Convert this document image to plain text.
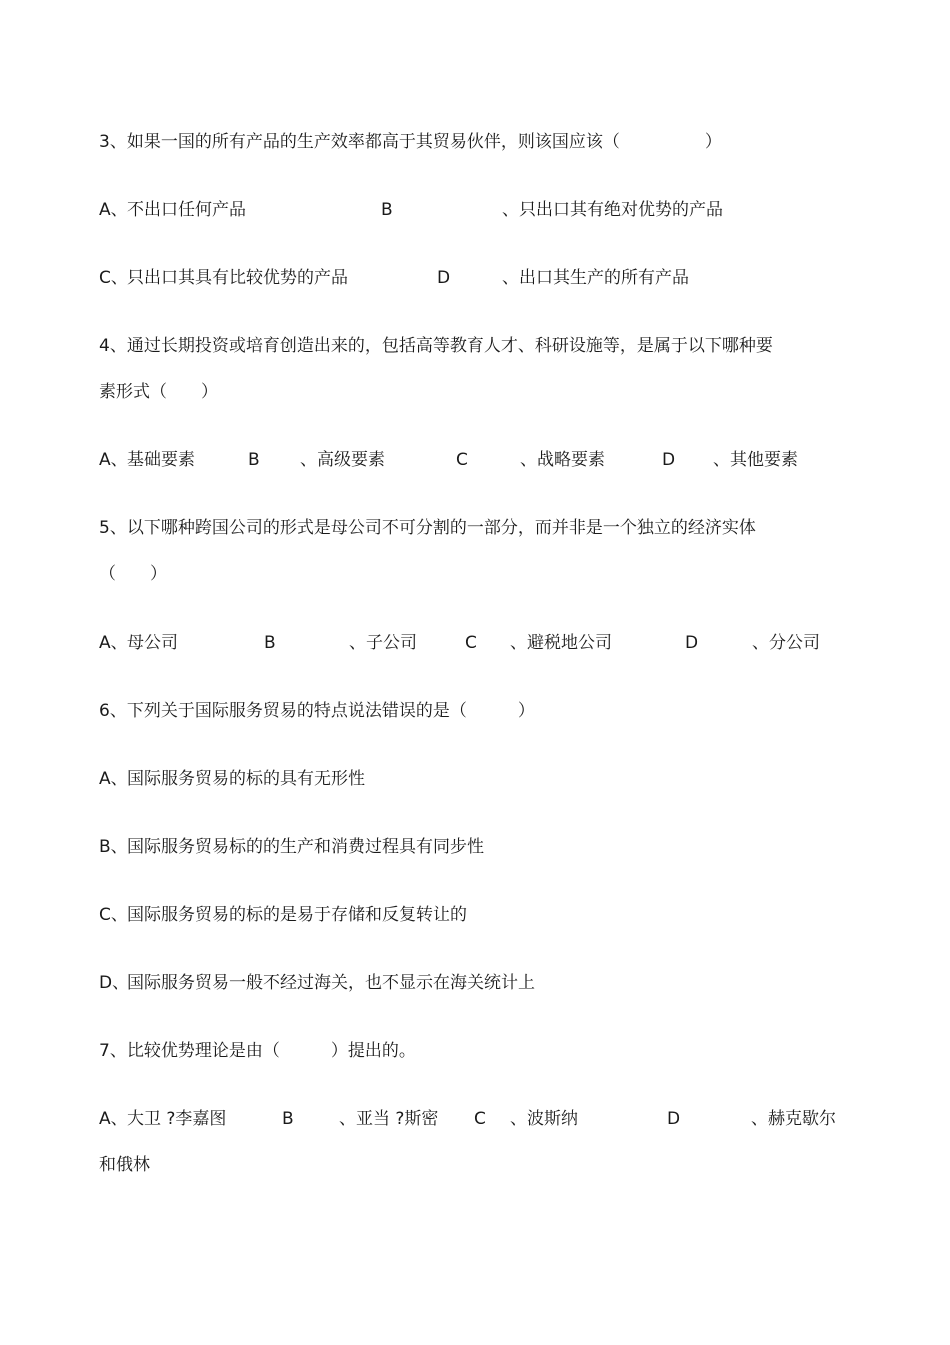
3、如果一国的所有产品的生产效率都高于其贸易伙伴，则该国应该（　　　　　）
A、 不出口任何产品	B	、只出口其有绝对优势的产品
C、 只出口其具有比较优势的产品	D	、出口其生产的所有产品
4、通过长期投资或培育创造出来的，包括高等教育人才、科研设施等，是属于以下哪种要
素形式（　　）
A、 基础要素	B 、高级要素	C	、战略要素	D 、其他要素
5、以下哪种跨国公司的形式是母公司不可分割的一部分，而并非是一个独立的经济实体
（　　）
A、 母公司	B	、子公司	C 、避税地公司	D	、分公司
6、下列关于国际服务贸易的特点说法错误的是（　　　）
A、 国际服务贸易的标的具有无形性
B、 国际服务贸易标的的生产和消费过程具有同步性
C、 国际服务贸易的标的是易于存储和反复转让的
D、
国际服务贸易一般不经过海关，也不显示在海关统计上
7、比较优势理论是由（　　　）提出的。
A、 大卫 ?李嘉图	B	、亚当 ?斯密 C 、波斯纳	D	、赫克歇尔
和俄林
